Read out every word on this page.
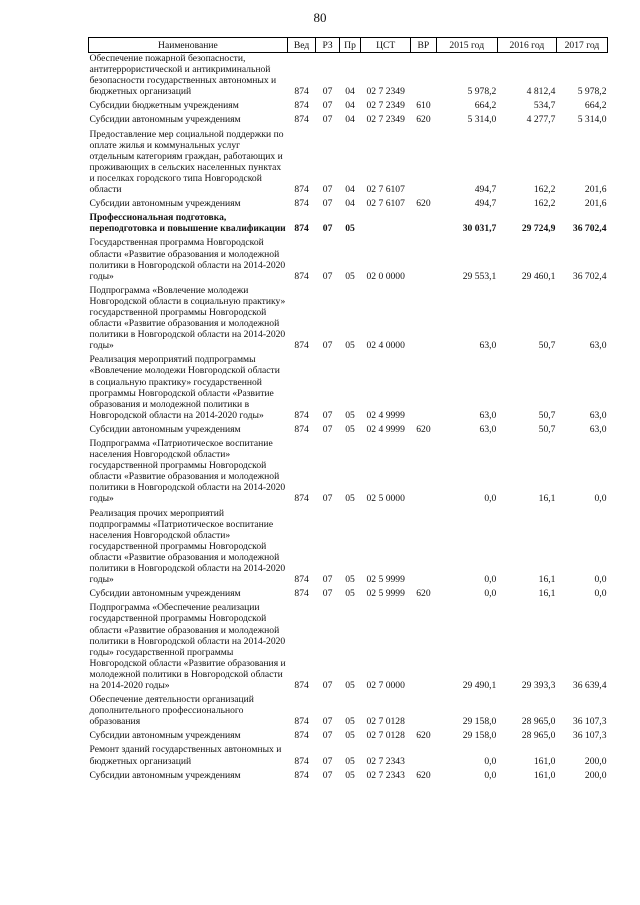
80
Наименование	Вед	РЗ	Пр	ЦСТ	ВР	2015 год	2016 год	2017 год
Обеспечение пожарной безопасности, антитеррористической и антикриминальной безопасности государственных автономных и бюджетных организаций	874	07	04	02 7 2349		5 978,2	4 812,4	5 978,2
Субсидии бюджетным учреждениям	874	07	04	02 7 2349	610	664,2	534,7	664,2
Субсидии автономным учреждениям	874	07	04	02 7 2349	620	5 314,0	4 277,7	5 314,0
Предоставление мер социальной поддержки по оплате жилья и коммунальных услуг отдельным категориям граждан, работающих и проживающих в сельских населенных пунктах и поселках городского типа Новгородской области	874	07	04	02 7 6107		494,7	162,2	201,6
Субсидии автономным учреждениям	874	07	04	02 7 6107	620	494,7	162,2	201,6
Профессиональная подготовка, переподготовка и повышение квалификации	874	07	05			30 031,7	29 724,9	36 702,4
Государственная программа Новгородской области «Развитие образования и молодежной политики в Новгородской области на 2014-2020 годы»	874	07	05	02 0 0000		29 553,1	29 460,1	36 702,4
Подпрограмма «Вовлечение молодежи Новгородской области в социальную практику» государственной программы Новгородской области «Развитие образования и молодежной политики в Новгородской области на 2014-2020 годы»	874	07	05	02 4 0000		63,0	50,7	63,0
Реализация мероприятий подпрограммы «Вовлечение молодежи Новгородской области в социальную практику» государственной программы Новгородской области «Развитие образования и молодежной политики в Новгородской области на 2014-2020 годы»	874	07	05	02 4 9999		63,0	50,7	63,0
Субсидии автономным учреждениям	874	07	05	02 4 9999	620	63,0	50,7	63,0
Подпрограмма «Патриотическое воспитание населения Новгородской области» государственной программы Новгородской области «Развитие образования и молодежной политики в Новгородской области на 2014-2020 годы»	874	07	05	02 5 0000		0,0	16,1	0,0
Реализация прочих мероприятий подпрограммы «Патриотическое воспитание населения Новгородской области» государственной программы Новгородской области «Развитие образования и молодежной политики в Новгородской области на 2014-2020 годы»	874	07	05	02 5 9999		0,0	16,1	0,0
Субсидии автономным учреждениям	874	07	05	02 5 9999	620	0,0	16,1	0,0
Подпрограмма «Обеспечение реализации государственной программы Новгородской области «Развитие образования и молодежной политики в Новгородской области на 2014-2020 годы» государственной программы Новгородской области «Развитие образования и молодежной политики в Новгородской области на 2014-2020 годы»	874	07	05	02 7 0000		29 490,1	29 393,3	36 639,4
Обеспечение деятельности организаций дополнительного профессионального образования	874	07	05	02 7 0128		29 158,0	28 965,0	36 107,3
Субсидии автономным учреждениям	874	07	05	02 7 0128	620	29 158,0	28 965,0	36 107,3
Ремонт зданий государственных автономных и бюджетных организаций	874	07	05	02 7 2343		0,0	161,0	200,0
Субсидии автономным учреждениям	874	07	05	02 7 2343	620	0,0	161,0	200,0
